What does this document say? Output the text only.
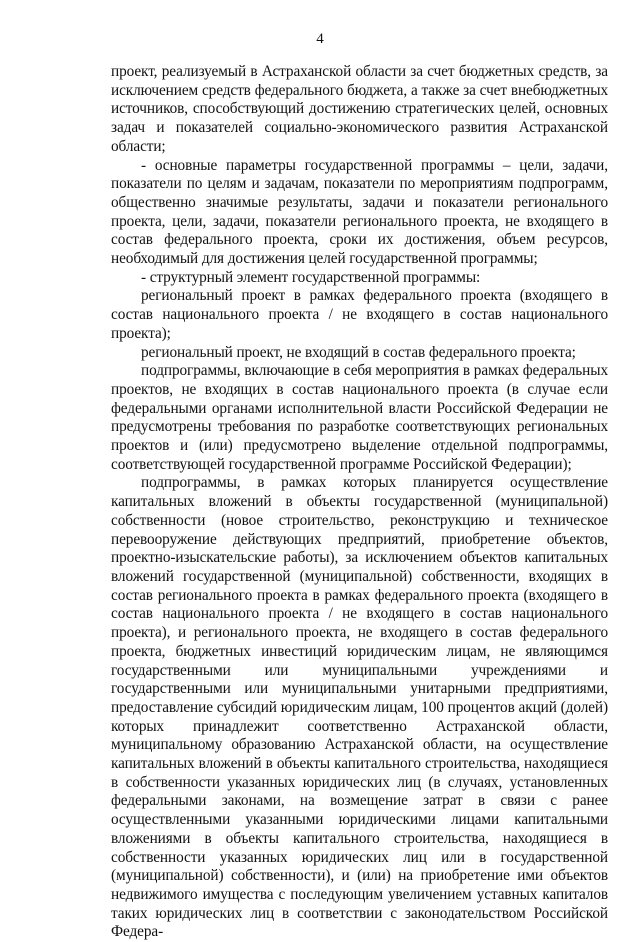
4

проект, реализуемый в Астраханской области за счет бюджетных средств, за исключением средств федерального бюджета, а также за счет внебюджетных источников, способствующий достижению стратегических целей, основных задач и показателей социально-экономического развития Астраханской области;

- основные параметры государственной программы – цели, задачи, показатели по целям и задачам, показатели по мероприятиям подпрограмм, общественно значимые результаты, задачи и показатели регионального проекта, цели, задачи, показатели регионального проекта, не входящего в состав федерального проекта, сроки их достижения, объем ресурсов, необходимый для достижения целей государственной программы;

- структурный элемент государственной программы:

региональный проект в рамках федерального проекта (входящего в состав национального проекта / не входящего в состав национального проекта);

региональный проект, не входящий в состав федерального проекта;

подпрограммы, включающие в себя мероприятия в рамках федеральных проектов, не входящих в состав национального проекта (в случае если федеральными органами исполнительной власти Российской Федерации не предусмотрены требования по разработке соответствующих региональных проектов и (или) предусмотрено выделение отдельной подпрограммы, соответствующей государственной программе Российской Федерации);

подпрограммы, в рамках которых планируется осуществление капитальных вложений в объекты государственной (муниципальной) собственности (новое строительство, реконструкцию и техническое перевооружение действующих предприятий, приобретение объектов, проектно-изыскательские работы), за исключением объектов капитальных вложений государственной (муниципальной) собственности, входящих в состав регионального проекта в рамках федерального проекта (входящего в состав национального проекта / не входящего в состав национального проекта), и регионального проекта, не входящего в состав федерального проекта, бюджетных инвестиций юридическим лицам, не являющимся государственными или муниципальными учреждениями и государственными или муниципальными унитарными предприятиями, предоставление субсидий юридическим лицам, 100 процентов акций (долей) которых принадлежит соответственно Астраханской области, муниципальному образованию Астраханской области, на осуществление капитальных вложений в объекты капитального строительства, находящиеся в собственности указанных юридических лиц (в случаях, установленных федеральными законами, на возмещение затрат в связи с ранее осуществленными указанными юридическими лицами капитальными вложениями в объекты капитального строительства, находящиеся в собственности указанных юридических лиц или в государственной (муниципальной) собственности), и (или) на приобретение ими объектов недвижимого имущества с последующим увеличением уставных капиталов таких юридических лиц в соответствии с законодательством Российской Федера-
